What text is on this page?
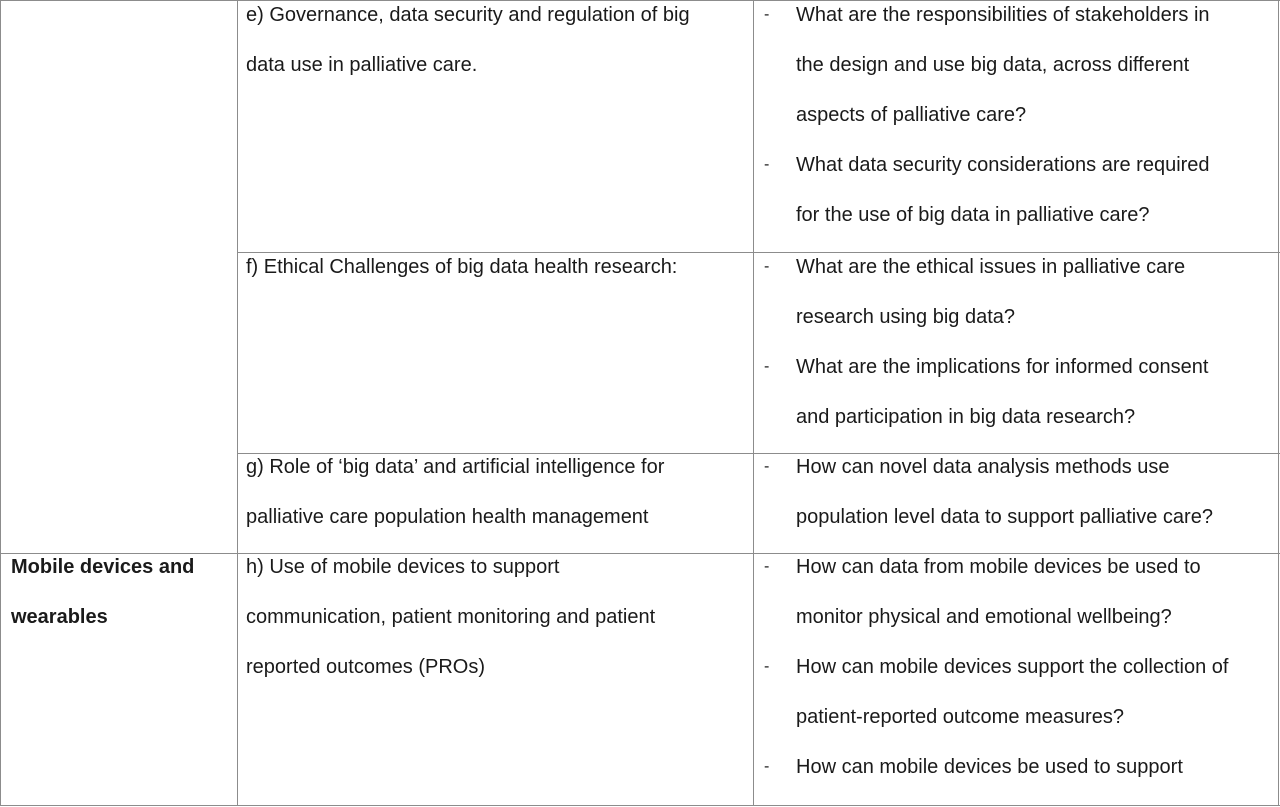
e) Governance, data security and regulation of big

data use in palliative care.

- What are the responsibilities of stakeholders in

the design and use big data, across different

aspects of palliative care?

- What data security considerations are required

for the use of big data in palliative care?

f) Ethical Challenges of big data health research:	- What are the ethical issues in palliative care

research using big data?

- What are the implications for informed consent

and participation in big data research?

g) Role of ‘big data’ and artificial intelligence for

palliative care population health management

- How can novel data analysis methods use

population level data to support palliative care?

Mobile devices and

wearables

h) Use of mobile devices to support

communication, patient monitoring and patient

reported outcomes (PROs)

- How can data from mobile devices be used to

monitor physical and emotional wellbeing?

- How can mobile devices support the collection of

patient-reported outcome measures?

- How can mobile devices be used to support
